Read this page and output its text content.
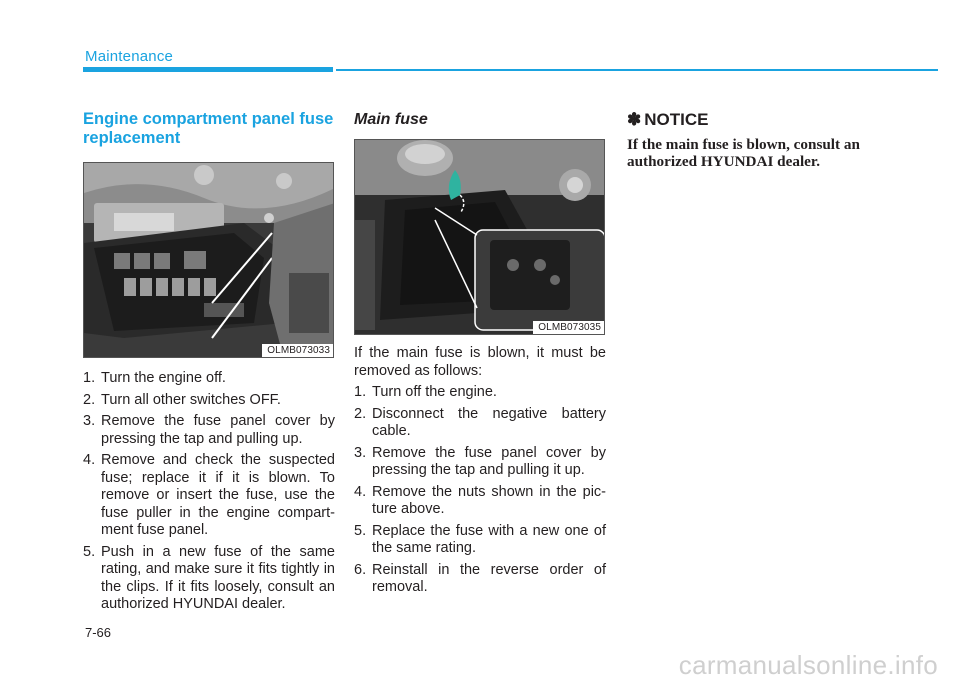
Maintenance
Engine compartment panel fuse replacement
OLMB073033
1. Turn the engine off.
2. Turn all other switches OFF.
3. Remove the fuse panel cover by pressing the tap and pulling up.
4. Remove and check the suspected fuse; replace it if it is blown. To remove or insert the fuse, use the fuse puller in the engine compart-ment fuse panel.
5. Push in a new fuse of the same rating, and make sure it fits tightly in the clips. If it fits loosely, consult an authorized HYUNDAI dealer.
Main fuse
OLMB073035

If the main fuse is blown, it must be removed as follows:

1. Turn off the engine.
2. Disconnect the negative battery cable.
3. Remove the fuse panel cover by pressing the tap and pulling it up.
4. Remove the nuts shown in the pic-ture above.
5. Replace the fuse with a new one of the same rating.
6. Reinstall in the reverse order of removal.
✽ NOTICE
If the main fuse is blown, consult an authorized HYUNDAI dealer.
7-66
carmanualsonline.info
